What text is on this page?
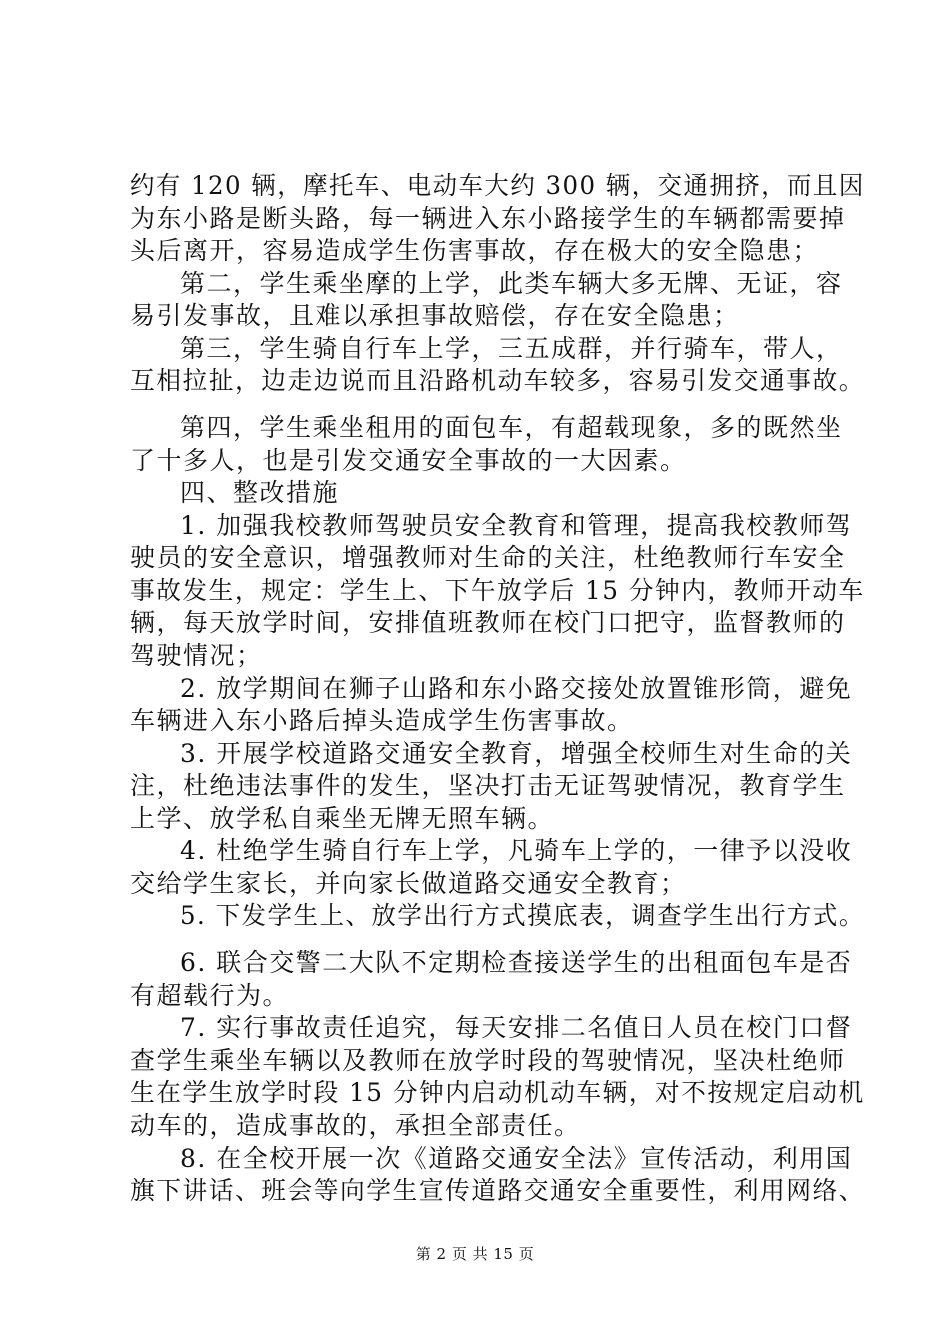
约有 120 辆，摩托车、电动车大约 300 辆，交通拥挤，而且因
为东小路是断头路，每一辆进入东小路接学生的车辆都需要掉
头后离开，容易造成学生伤害事故，存在极大的安全隐患；
第二，学生乘坐摩的上学，此类车辆大多无牌、无证，容
易引发事故，且难以承担事故赔偿，存在安全隐患；
第三，学生骑自行车上学，三五成群，并行骑车，带人，
互相拉扯，边走边说而且沿路机动车较多，容易引发交通事故。
第四，学生乘坐租用的面包车，有超载现象，多的既然坐
了十多人，也是引发交通安全事故的一大因素。
四、整改措施
1. 加强我校教师驾驶员安全教育和管理，提高我校教师驾
驶员的安全意识，增强教师对生命的关注，杜绝教师行车安全
事故发生，规定：学生上、下午放学后 15 分钟内，教师开动车
辆，每天放学时间，安排值班教师在校门口把守，监督教师的
驾驶情况；
2. 放学期间在狮子山路和东小路交接处放置锥形筒，避免
车辆进入东小路后掉头造成学生伤害事故。
3. 开展学校道路交通安全教育，增强全校师生对生命的关
注，杜绝违法事件的发生，坚决打击无证驾驶情况，教育学生
上学、放学私自乘坐无牌无照车辆。
4. 杜绝学生骑自行车上学，凡骑车上学的，一律予以没收
交给学生家长，并向家长做道路交通安全教育；
5. 下发学生上、放学出行方式摸底表，调查学生出行方式。
6. 联合交警二大队不定期检查接送学生的出租面包车是否
有超载行为。
7. 实行事故责任追究，每天安排二名值日人员在校门口督
查学生乘坐车辆以及教师在放学时段的驾驶情况，坚决杜绝师
生在学生放学时段 15 分钟内启动机动车辆，对不按规定启动机
动车的，造成事故的，承担全部责任。
8. 在全校开展一次《道路交通安全法》宣传活动，利用国
旗下讲话、班会等向学生宣传道路交通安全重要性，利用网络、
第 2 页 共 15 页
